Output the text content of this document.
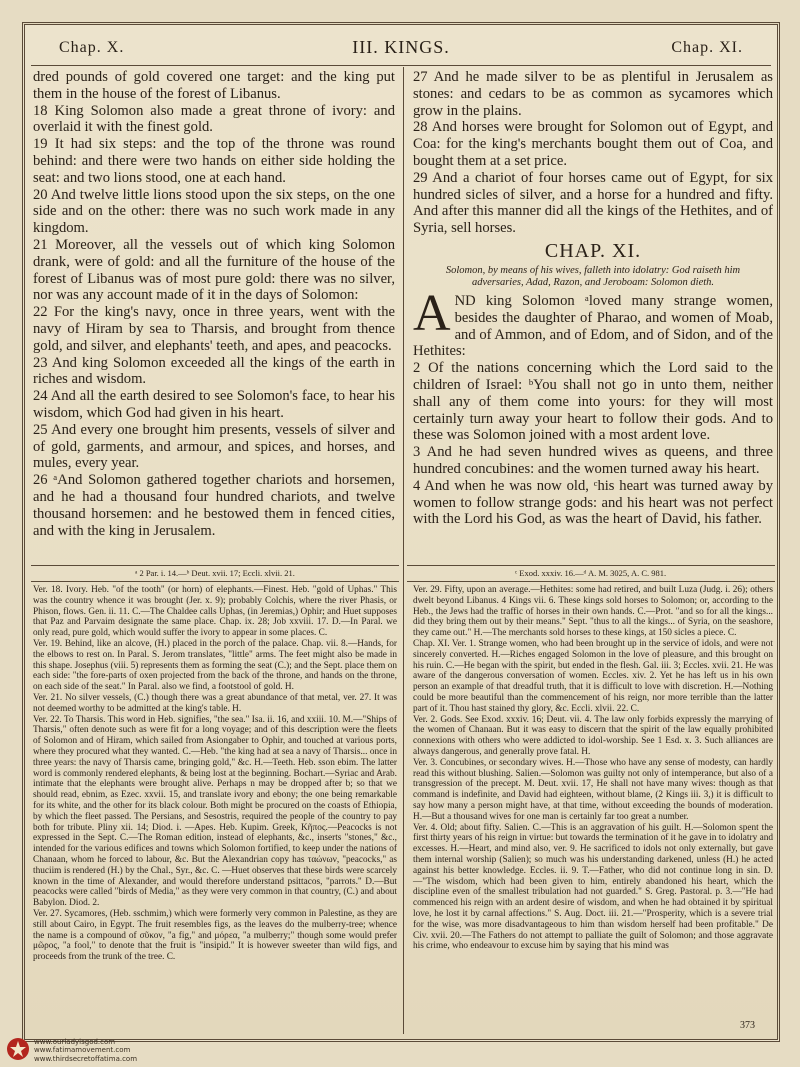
Chap. X.	III. KINGS.	Chap. XI.

dred pounds of gold covered one target: and the king put them in the house of the forest of Libanus.

18 King Solomon also made a great throne of ivory: and overlaid it with the finest gold.

19 It had six steps: and the top of the throne was round behind: and there were two hands on either side holding the seat: and two lions stood, one at each hand.

20 And twelve little lions stood upon the six steps, on the one side and on the other: there was no such work made in any kingdom.

21 Moreover, all the vessels out of which king Solomon drank, were of gold: and all the furniture of the house of the forest of Libanus was of most pure gold: there was no silver, nor was any account made of it in the days of Solomon:

22 For the king's navy, once in three years, went with the navy of Hiram by sea to Tharsis, and brought from thence gold, and silver, and elephants' teeth, and apes, and peacocks.

23 And king Solomon exceeded all the kings of the earth in riches and wisdom.

24 And all the earth desired to see Solomon's face, to hear his wisdom, which God had given in his heart.

25 And every one brought him presents, vessels of silver and of gold, garments, and armour, and spices, and horses, and mules, every year.

26 ᵃAnd Solomon gathered together chariots and horsemen, and he had a thousand four hundred chariots, and twelve thousand horsemen: and he bestowed them in fenced cities, and with the king in Jerusalem.

27 And he made silver to be as plentiful in Jerusalem as stones: and cedars to be as common as sycamores which grow in the plains.

28 And horses were brought for Solomon out of Egypt, and Coa: for the king's merchants bought them out of Coa, and bought them at a set price.

29 And a chariot of four horses came out of Egypt, for six hundred sicles of silver, and a horse for a hundred and fifty. And after this manner did all the kings of the Hethites, and of Syria, sell horses.

CHAP. XI.
Solomon, by means of his wives, falleth into idolatry: God raiseth him adversaries, Adad, Razon, and Jeroboam: Solomon dieth.

AND king Solomon ᵃloved many strange women, besides the daughter of Pharao, and women of Moab, and of Ammon, and of Edom, and of Sidon, and of the Hethites:

2 Of the nations concerning which the Lord said to the children of Israel: ᵇYou shall not go in unto them, neither shall any of them come into yours: for they will most certainly turn away your heart to follow their gods. And to these was Solomon joined with a most ardent love.

3 And he had seven hundred wives as queens, and three hundred concubines: and the women turned away his heart.

4 And when he was now old, ᶜhis heart was turned away by women to follow strange gods: and his heart was not perfect with the Lord his God, as was the heart of David, his father.

ᵃ 2 Par. i. 14.—ᵇ Deut. xvii. 17; Eccli. xlvii. 21.	ᶜ Exod. xxxiv. 16.—ᵈ A. M. 3025, A. C. 981.

Ver. 18. Ivory. Heb. "of the tooth" (or horn) of elephants.—Finest. Heb. "gold of Uphas." This was the country whence it was brought (Jer. x. 9); probably Colchis, where the river Phasis, or Phison, flows. Gen. ii. 11. C.—The Chaldee calls Uphas, (in Jeremias,) Ophir; and Huet supposes that Paz and Parvaim designate the same place. Chap. ix. 28; Job xxviii. 17. D.—In Paral. we only read, pure gold, which would suffer the ivory to appear in some places. C.

Ver. 19. Behind, like an alcove, (H.) placed in the porch of the palace. Chap. vii. 8.—Hands, for the elbows to rest on. In Paral. S. Jerom translates, "little" arms. The feet might also be made in this shape. Josephus (viii. 5) represents them as forming the seat (C.); and the Sept. place them on each side: "the fore-parts of oxen projected from the back of the throne, and hands on the throne, on each side of the seat." In Paral. also we find, a footstool of gold. H.

Ver. 21. No silver vessels, (C.) though there was a great abundance of that metal, ver. 27. It was not deemed worthy to be admitted at the king's table. H.

Ver. 22. To Tharsis. This word in Heb. signifies, "the sea." Isa. ii. 16, and xxiii. 10. M.—"Ships of Tharsis," often denote such as were fit for a long voyage; and of this description were the fleets of Solomon and of Hiram, which sailed from Asiongaber to Ophir, and touched at various ports, where they procured what they wanted. C.—Heb. "the king had at sea a navy of Tharsis... once in three years: the navy of Tharsis came, bringing gold," &c. H.—Teeth. Heb. sson ebim. The latter word is commonly rendered elephants, & being lost at the beginning. Bochart.—Syriac and Arab. intimate that the elephants were brought alive. Perhaps n may be dropped after b; so that we should read, ebnim, as Ezec. xxvii. 15, and translate ivory and ebony; the one being remarkable for its white, and the other for its black colour. Both might be procured on the coasts of Ethiopia, by which the fleet passed. The Persians, and Sesostris, required the people of the country to pay both for tribute. Pliny xii. 14; Diod. i. —Apes. Heb. Kupim. Greek, Κῆπος.—Peacocks is not expressed in the Sept. C.—The Roman edition, instead of elephants, &c., inserts "stones," &c., intended for the various edifices and towns which Solomon fortified, to keep under the nations of Chanaan, whom he forced to labour, &c. But the Alexandrian copy has ταώνων, "peacocks," as thuciim is rendered (H.) by the Chal., Syr., &c. C. —Huet observes that these birds were scarcely known in the time of Alexander, and would therefore understand psittacos, "parrots." D.—But peacocks were called "birds of Media," as they were very common in that country, (C.) and about Babylon. Diod. 2.

Ver. 27. Sycamores, (Heb. sschmim,) which were formerly very common in Palestine, as they are still about Cairo, in Egypt. The fruit resembles figs, as the leaves do the mulberry-tree; whence the name is a compound of σῦκον, "a fig," and μόρεα, "a mulberry;" though some would prefer μῶρος, "a fool," to denote that the fruit is "insipid." It is however sweeter than wild figs, and proceeds from the trunk of the tree. C.

Ver. 29. Fifty, upon an average.—Hethites: some had retired, and built Luza (Judg. i. 26); others dwelt beyond Libanus. 4 Kings vii. 6. These kings sold horses to Solomon; or, according to the Heb., the Jews had the traffic of horses in their own hands. C.—Prot. "and so for all the kings... did they bring them out by their means." Sept. "thus to all the kings... of Syria, on the seashore, they came out." H.—The merchants sold horses to these kings, at 150 sicles a piece. C.

Chap. XI. Ver. 1. Strange women, who had been brought up in the service of idols, and were not sincerely converted. H.—Riches engaged Solomon in the love of pleasure, and this brought on his ruin. C.—He began with the spirit, but ended in the flesh. Gal. iii. 3; Eccles. xvii. 21. He was aware of the dangerous conversation of women. Eccles. xiv. 2. Yet he has left us in his own person an example of that dreadful truth, that it is difficult to love with discretion. H.—Nothing could be more beautiful than the commencement of his reign, nor more terrible than the latter part of it. Thou hast stained thy glory, &c. Eccli. xlvii. 22. C.

Ver. 2. Gods. See Exod. xxxiv. 16; Deut. vii. 4. The law only forbids expressly the marrying of the women of Chanaan. But it was easy to discern that the spirit of the law equally prohibited connexions with others who were addicted to idol-worship. See 1 Esd. x. 3. Such alliances are always dangerous, and generally prove fatal. H.

Ver. 3. Concubines, or secondary wives. H.—Those who have any sense of modesty, can hardly read this without blushing. Salien.—Solomon was guilty not only of intemperance, but also of a transgression of the precept. M. Deut. xvii. 17, He shall not have many wives: though as that command is indefinite, and David had eighteen, without blame, (2 Kings iii. 3,) it is difficult to say how many a person might have, at that time, without exceeding the bounds of moderation. H.—But a thousand wives for one man is certainly far too great a number.

Ver. 4. Old; about fifty. Salien. C.—This is an aggravation of his guilt. H.—Solomon spent the first thirty years of his reign in virtue: but towards the termination of it he gave in to idolatry and excesses. H.—Heart, and mind also, ver. 9. He sacrificed to idols not only externally, but gave them internal worship (Salien); so much was his understanding darkened, unless (H.) he acted against his better knowledge. Eccles. ii. 9. T.—Father, who did not continue long in sin. D.—"The wisdom, which had been given to him, entirely abandoned his heart, which the discipline even of the smallest tribulation had not guarded." S. Greg. Pastoral. p. 3.—"He had commenced his reign with an ardent desire of wisdom, and when he had obtained it by spiritual love, he lost it by carnal affections." S. Aug. Doct. iii. 21.—"Prosperity, which is a severe trial for the wise, was more disadvantageous to him than wisdom herself had been profitable." De Civ. xvii. 20.—The Fathers do not attempt to palliate the guilt of Solomon; and those aggravate his crime, who endeavour to excuse him by saying that his mind was

373
www.ourladyisgod.com
www.fatimamovement.com
www.thirdsecretoffatima.com
